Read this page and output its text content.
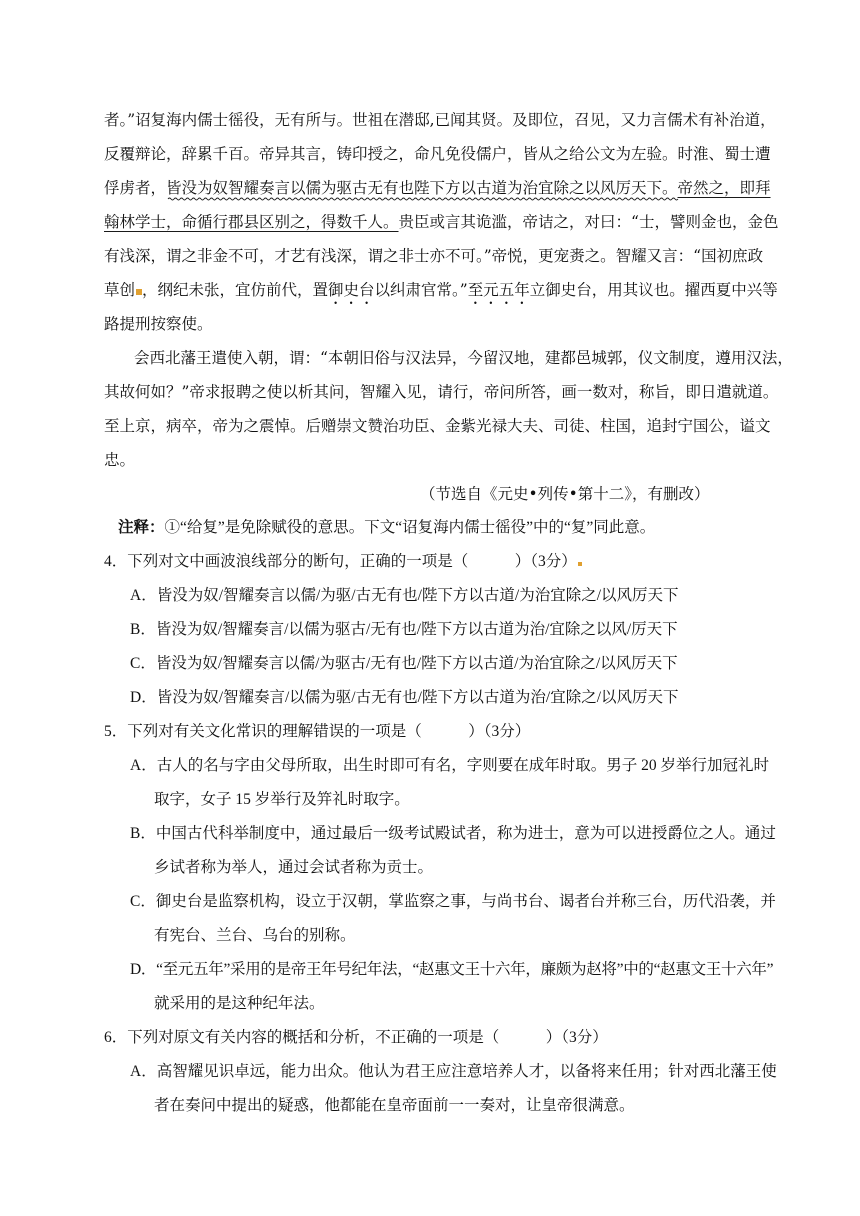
者。”诏复海内儒士徭役，无有所与。世祖在潜邸,已闻其贤。及即位，召见，又力言儒术有补治道，
反覆辩论，辞累千百。帝异其言，铸印授之，命凡免役儒户，皆从之给公文为左验。时淮、蜀士遭
俘虏者，皆没为奴智耀奏言以儒为驱古无有也陛下方以古道为治宜除之以风厉天下。帝然之，即拜
翰林学士，命循行郡县区别之，得数千人。贵臣或言其诡滥，帝诘之，对曰：“士，譬则金也，金色
有浅深，谓之非金不可，才艺有浅深，谓之非士亦不可。”帝悦，更宠赉之。智耀又言：“国初庶政
草创 ，纲纪未张，宜仿前代，置御史台以纠肃官常。”至元五年立御史台，用其议也。擢西夏中兴等
路提刑按察使。
会西北藩王遣使入朝，谓：“本朝旧俗与汉法异，今留汉地，建都邑城郭，仪文制度，遵用汉法，
其故何如？”帝求报聘之使以析其问，智耀入见，请行，帝问所答，画一数对，称旨，即日遣就道。
至上京，病卒，帝为之震悼。后赠崇文赞治功臣、金紫光禄大夫、司徒、柱国，追封宁国公，谥文
忠。
（节选自《元史•列传•第十二》，有删改）
注释：①“给复”是免除赋役的意思。下文“诏复海内儒士徭役”中的“复”同此意。
4．下列对文中画波浪线部分的断句，正确的一项是（　　　）（3分）
A．皆没为奴/智耀奏言以儒/为驱/古无有也/陛下方以古道/为治宜除之/以风厉天下
B．皆没为奴/智耀奏言/以儒为驱古/无有也/陛下方以古道为治/宜除之以风/厉天下
C．皆没为奴/智耀奏言以儒/为驱古/无有也/陛下方以古道/为治宜除之/以风厉天下
D．皆没为奴/智耀奏言/以儒为驱/古无有也/陛下方以古道为治/宜除之/以风厉天下
5．下列对有关文化常识的理解错误的一项是（　　　）（3分）
A．古人的名与字由父母所取，出生时即可有名，字则要在成年时取。男子 20 岁举行加冠礼时
取字，女子 15 岁举行及笄礼时取字。
B．中国古代科举制度中，通过最后一级考试殿试者，称为进士，意为可以进授爵位之人。通过
乡试者称为举人，通过会试者称为贡士。
C．御史台是监察机构，设立于汉朝，掌监察之事，与尚书台、谒者台并称三台，历代沿袭，并
有宪台、兰台、乌台的别称。
D．“至元五年”采用的是帝王年号纪年法，“赵惠文王十六年，廉颇为赵将”中的“赵惠文王十六年”
就采用的是这种纪年法。
6．下列对原文有关内容的概括和分析，不正确的一项是（　　　）（3分）
A．高智耀见识卓远，能力出众。他认为君王应注意培养人才，以备将来任用；针对西北藩王使
者在奏问中提出的疑惑，他都能在皇帝面前一一奏对，让皇帝很满意。
